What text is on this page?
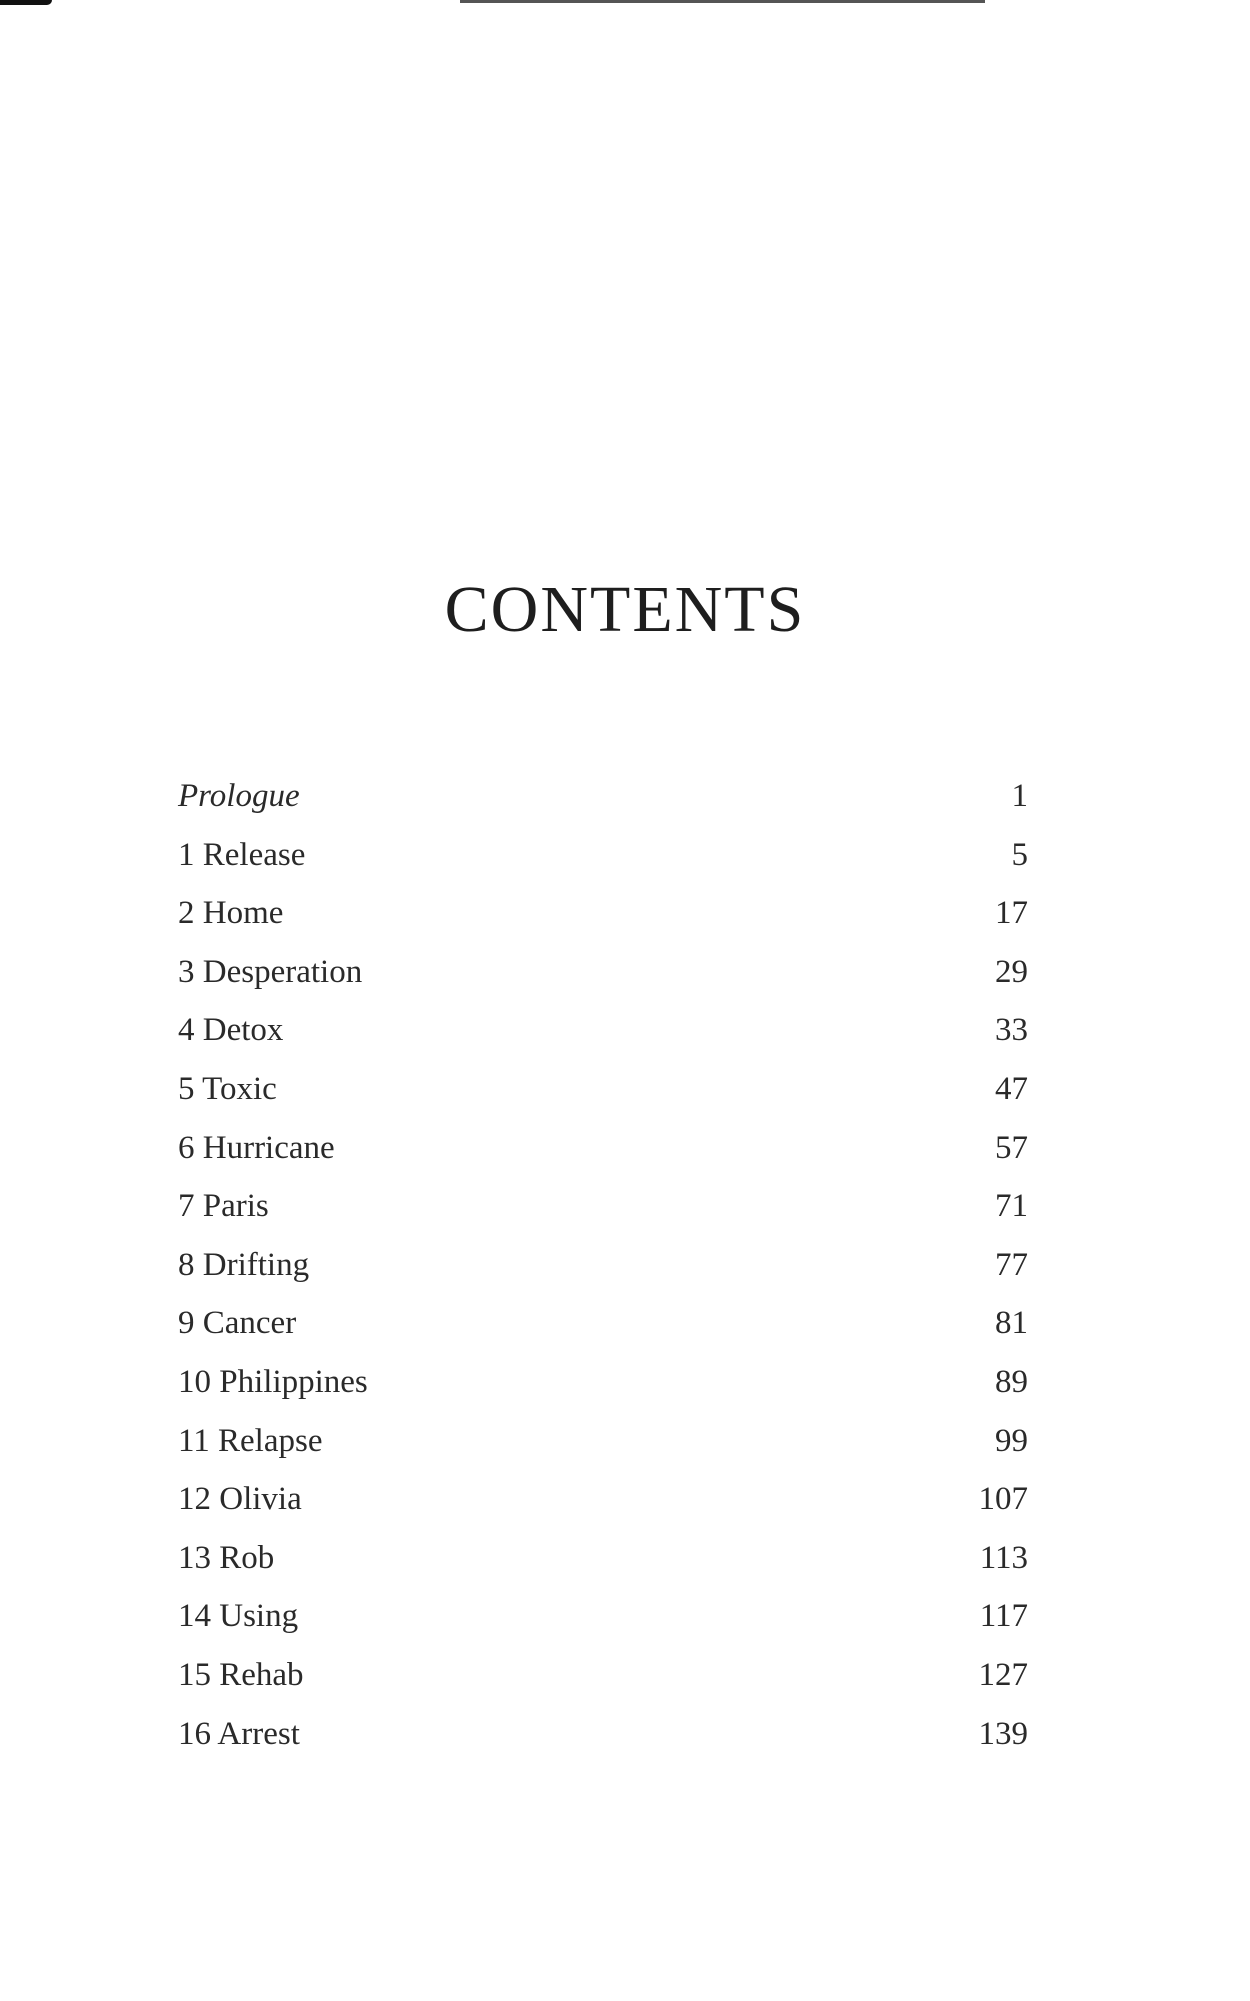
CONTENTS
Prologue	1
1 Release	5
2 Home	17
3 Desperation	29
4 Detox	33
5 Toxic	47
6 Hurricane	57
7 Paris	71
8 Drifting	77
9 Cancer	81
10 Philippines	89
11 Relapse	99
12 Olivia	107
13 Rob	113
14 Using	117
15 Rehab	127
16 Arrest	139
